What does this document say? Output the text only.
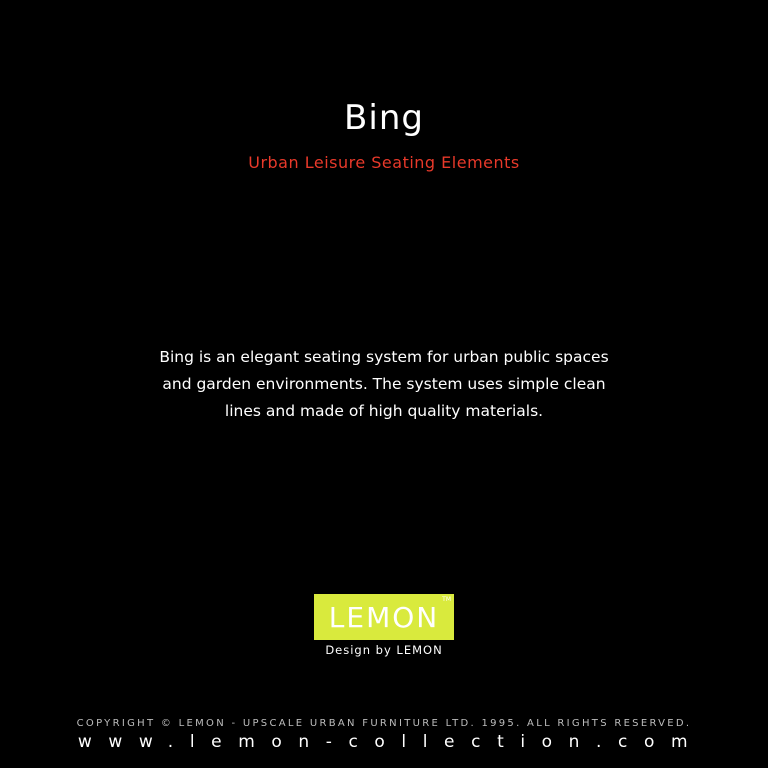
Bing
Urban Leisure Seating Elements
Bing is an elegant seating system for urban public spaces
and garden environments. The system uses simple clean
lines and made of high quality materials.
LEMON
TM
Design by LEMON
COPYRIGHT © LEMON - UPSCALE URBAN FURNITURE LTD. 1995. ALL RIGHTS RESERVED.
www.lemon-collection.com
